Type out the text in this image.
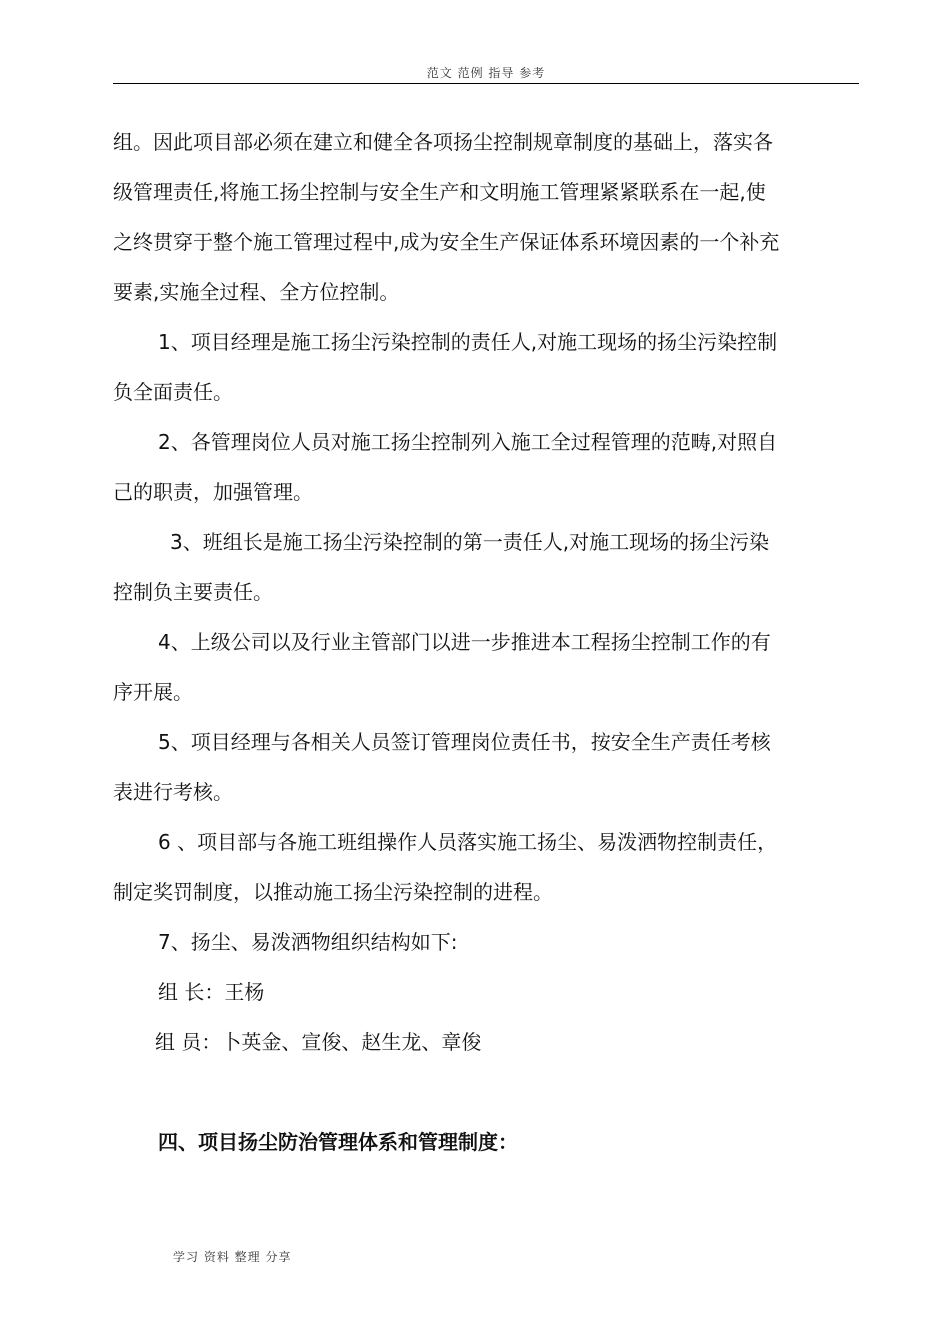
范文 范例 指导 参考

组。因此项目部必须在建立和健全各项扬尘控制规章制度的基础上，落实各

级管理责任,将施工扬尘控制与安全生产和文明施工管理紧紧联系在一起,使

之终贯穿于整个施工管理过程中,成为安全生产保证体系环境因素的一个补充

要素,实施全过程、全方位控制。

1、项目经理是施工扬尘污染控制的责任人,对施工现场的扬尘污染控制

负全面责任。

2、各管理岗位人员对施工扬尘控制列入施工全过程管理的范畴,对照自

己的职责，加强管理。

3、班组长是施工扬尘污染控制的第一责任人,对施工现场的扬尘污染

控制负主要责任。

4、上级公司以及行业主管部门以进一步推进本工程扬尘控制工作的有

序开展。

5、项目经理与各相关人员签订管理岗位责任书，按安全生产责任考核

表进行考核。

6 、项目部与各施工班组操作人员落实施工扬尘、易泼洒物控制责任，

制定奖罚制度，以推动施工扬尘污染控制的进程。

7、扬尘、易泼洒物组织结构如下:

组 长：王杨

组 员：卜英金、宣俊、赵生龙、章俊

四、项目扬尘防治管理体系和管理制度：

学习 资料 整理 分享
